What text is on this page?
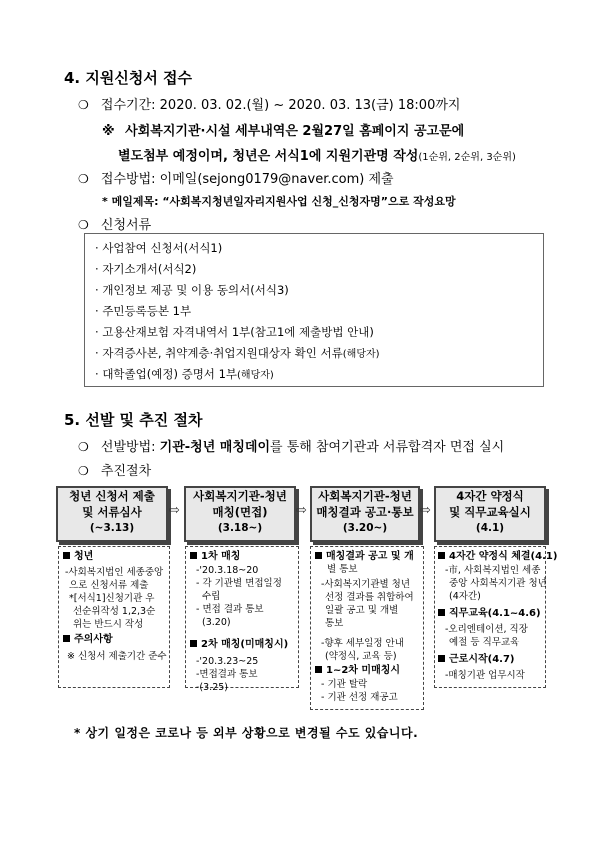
4. 지원신청서 접수
❍ 접수기간: 2020. 03. 02.(월) ~ 2020. 03. 13(금) 18:00까지
※ 사회복지기관·시설 세부내역은 2월27일 홈페이지 공고문에
별도첨부 예정이며, 청년은 서식1에 지원기관명 작성(1순위, 2순위, 3순위)
❍ 접수방법: 이메일(sejong0179@naver.com) 제출
* 메일제목: “사회복지청년일자리지원사업 신청_신청자명”으로 작성요망
❍ 신청서류
· 사업참여 신청서(서식1)
· 자기소개서(서식2)
· 개인정보 제공 및 이용 동의서(서식3)
· 주민등록등본 1부
· 고용산재보험 자격내역서 1부(참고1에 제출방법 안내)
· 자격증사본, 취약계층·취업지원대상자 확인 서류(해당자)
· 대학졸업(예정) 증명서 1부(해당자)
5. 선발 및 추진 절차
❍ 선발방법: 기관-청년 매칭데이를 통해 참여기관과 서류합격자 면접 실시
❍ 추진절차
청년 신청서 제출
및 서류심사
(~3.13)
⇨
사회복지기관-청년
매칭(면접)
(3.18~)
⇨
사회복지기관-청년
매칭결과 공고·통보
(3.20~)
⇨
4자간 약정식
및 직무교육실시
(4.1)
청년
-사회복지법인 세종중앙
으로 신청서류 제출
*[서식1]신청기관 우
선순위작성 1,2,3순
위는 반드시 작성
주의사항
※ 신청서 제출기간 준수
1차 매칭
-'20.3.18~20
- 각 기관별 면접일정
수립
- 면접 결과 통보
(3.20)
2차 매칭(미매칭시)
-'20.3.23~25
-면접결과 통보
-(3.25)
매칭결과 공고 및 개
별 통보
-사회복지기관별 청년
선정 결과를 취합하여
일괄 공고 및 개별
통보
-향후 세부일정 안내
(약정식, 교육 등)
1~2차 미매칭시
- 기관 탈락
- 기관 선정 재공고
4자간 약정식 체결(4.1)
-市, 사회복지법인 세종
중앙 사회복지기관 청년
(4자간)
직무교육(4.1~4.6)
-오리엔테이션, 직장
예절 등 직무교육
근로시작(4.7)
-매칭기관 업무시작
* 상기 일정은 코로나 등 외부 상황으로 변경될 수도 있습니다.
